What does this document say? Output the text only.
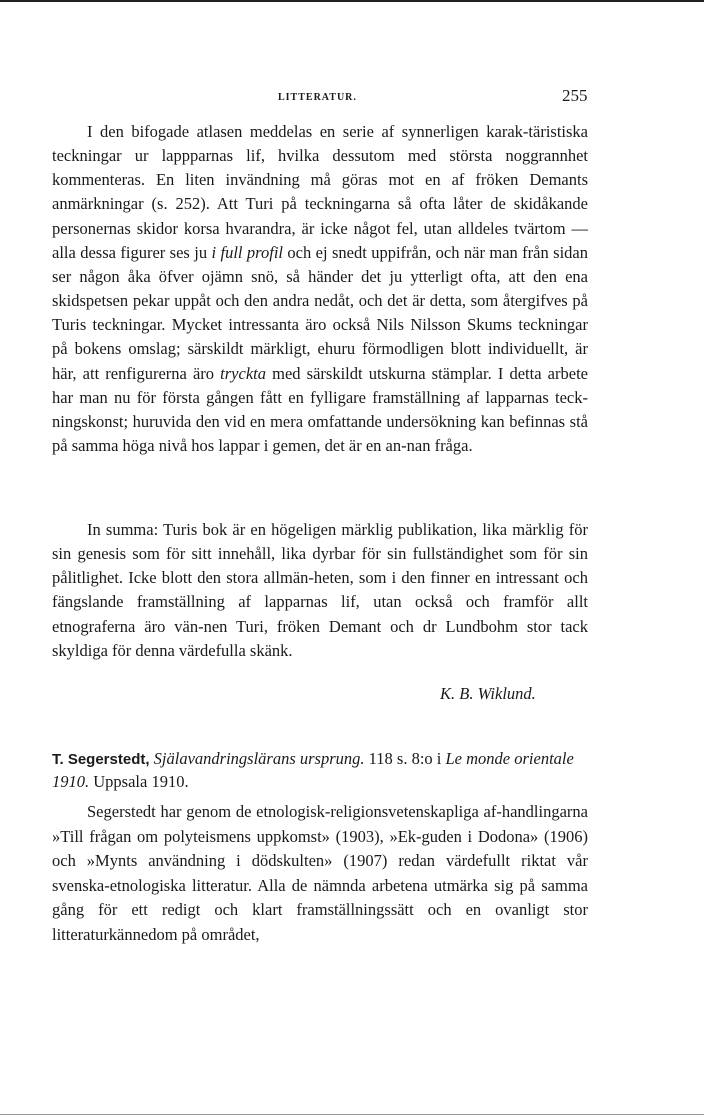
LITTERATUR.	255
I den bifogade atlasen meddelas en serie af synnerligen karak-täristiska teckningar ur lappparnas lif, hvilka dessutom med största noggrannhet kommenteras. En liten invändning må göras mot en af fröken Demants anmärkningar (s. 252). Att Turi på teckningarna så ofta låter de skidåkande personernas skidor korsa hvarandra, är icke något fel, utan alldeles tvärtom — alla dessa figurer ses ju i full profil och ej snedt uppifrån, och när man från sidan ser någon åka öfver ojämn snö, så händer det ju ytterligt ofta, att den ena skidspetsen pekar uppåt och den andra nedåt, och det är detta, som återgifves på Turis teckningar. Mycket intressanta äro också Nils Nilsson Skums teckningar på bokens omslag; särskildt märkligt, ehuru förmodligen blott individuellt, är här, att renfigurerna äro tryckta med särskildt utskurna stämplar. I detta arbete har man nu för första gången fått en fylligare framställning af lapparnas teck-ningskonst; huruvida den vid en mera omfattande undersökning kan befinnas stå på samma höga nivå hos lappar i gemen, det är en an-nan fråga.
In summa: Turis bok är en högeligen märklig publikation, lika märklig för sin genesis som för sitt innehåll, lika dyrbar för sin fullständighet som för sin pålitlighet. Icke blott den stora allmän-heten, som i den finner en intressant och fängslande framställning af lapparnas lif, utan också och framför allt etnograferna äro vän-nen Turi, fröken Demant och dr Lundbohm stor tack skyldiga för denna värdefulla skänk.
K. B. Wiklund.
T. Segerstedt, Själavandringslärans ursprung. 118 s. 8:o i Le monde orientale 1910. Uppsala 1910.
Segerstedt har genom de etnologisk-religionsvetenskapliga af-handlingarna »Till frågan om polyteismens uppkomst» (1903), »Ek-guden i Dodona» (1906) och »Mynts användning i dödskulten» (1907) redan värdefullt riktat vår svenska-etnologiska litteratur. Alla de nämnda arbetena utmärka sig på samma gång för ett redigt och klart framställningssätt och en ovanligt stor litteraturkännedom på området,
